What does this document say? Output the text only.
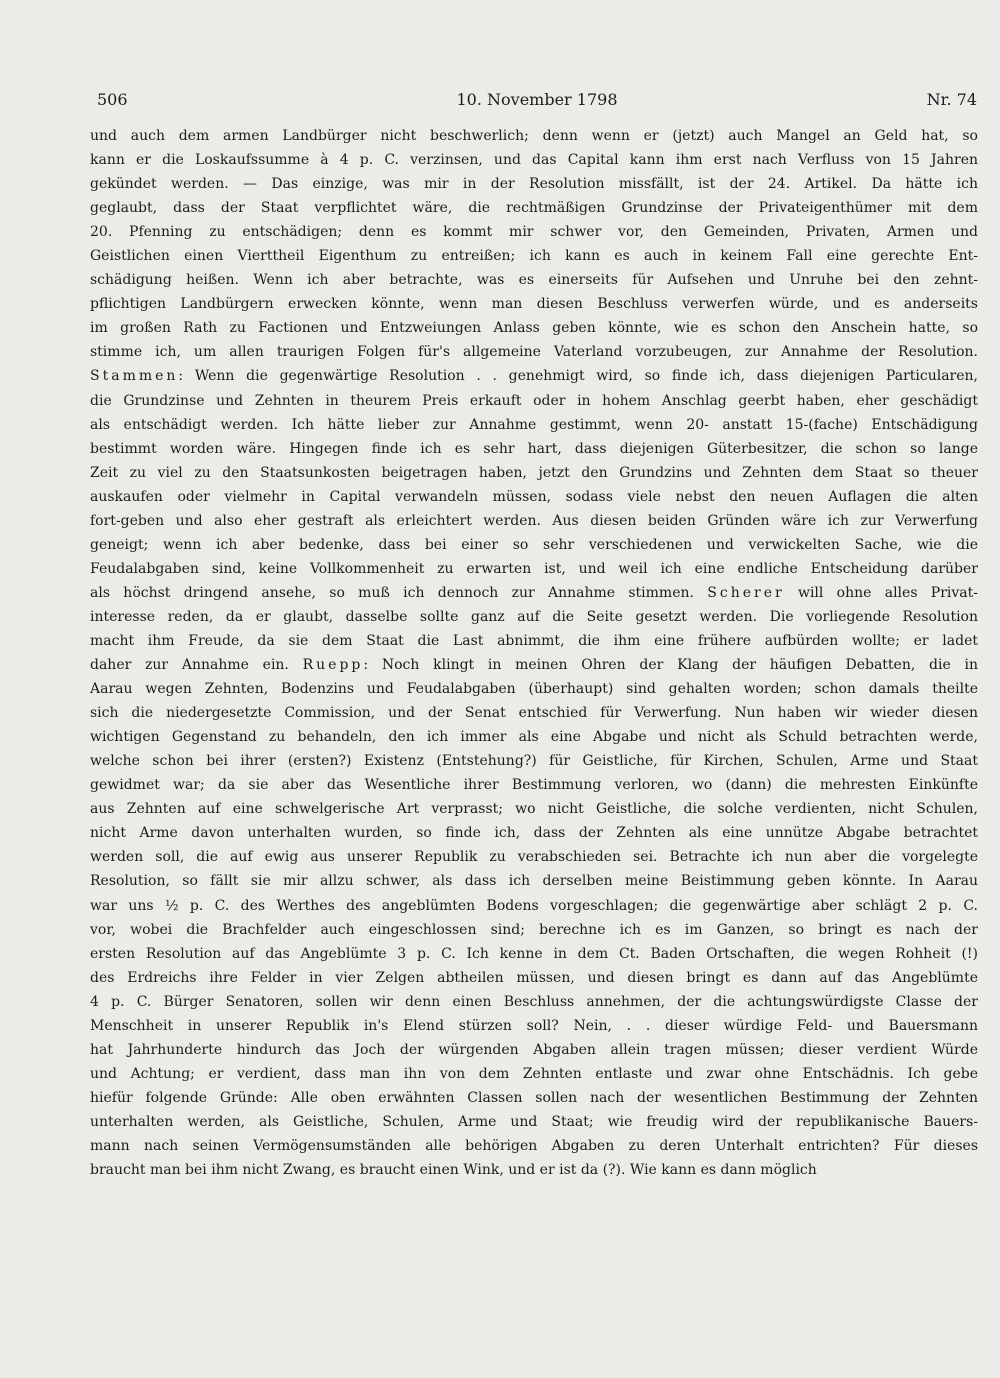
506	10. November 1798	Nr. 74
und auch dem armen Landbürger nicht beschwerlich; denn wenn er (jetzt) auch Mangel an Geld hat, so
kann er die Loskaufssumme à 4 p. C. verzinsen, und das Capital kann ihm erst nach Verfluss von 15 Jahren
gekündet werden. — Das einzige, was mir in der Resolution missfällt, ist der 24. Artikel. Da hätte ich
geglaubt, dass der Staat verpflichtet wäre, die rechtmäßigen Grundzinse der Privateigenthümer mit dem
20. Pfenning zu entschädigen; denn es kommt mir schwer vor, den Gemeinden, Privaten, Armen und
Geistlichen einen Vierttheil Eigenthum zu entreißen; ich kann es auch in keinem Fall eine gerechte Ent-
schädigung heißen. Wenn ich aber betrachte, was es einerseits für Aufsehen und Unruhe bei den zehnt-
pflichtigen Landbürgern erwecken könnte, wenn man diesen Beschluss verwerfen würde, und es anderseits
im großen Rath zu Factionen und Entzweiungen Anlass geben könnte, wie es schon den Anschein hatte, so
stimme ich, um allen traurigen Folgen für's allgemeine Vaterland vorzubeugen, zur Annahme der Resolution.
Stammen: Wenn die gegenwärtige Resolution . . genehmigt wird, so finde ich, dass diejenigen Particularen,
die Grundzinse und Zehnten in theurem Preis erkauft oder in hohem Anschlag geerbt haben, eher geschädigt
als entschädigt werden. Ich hätte lieber zur Annahme gestimmt, wenn 20- anstatt 15-(fache) Entschädigung
bestimmt worden wäre. Hingegen finde ich es sehr hart, dass diejenigen Güterbesitzer, die schon so lange
Zeit zu viel zu den Staatsunkosten beigetragen haben, jetzt den Grundzins und Zehnten dem Staat so theuer
auskaufen oder vielmehr in Capital verwandeln müssen, sodass viele nebst den neuen Auflagen die alten
fort-geben und also eher gestraft als erleichtert werden. Aus diesen beiden Gründen wäre ich zur Verwerfung
geneigt; wenn ich aber bedenke, dass bei einer so sehr verschiedenen und verwickelten Sache, wie die
Feudalabgaben sind, keine Vollkommenheit zu erwarten ist, und weil ich eine endliche Entscheidung darüber
als höchst dringend ansehe, so muß ich dennoch zur Annahme stimmen. Scherer will ohne alles Privat-
interesse reden, da er glaubt, dasselbe sollte ganz auf die Seite gesetzt werden. Die vorliegende Resolution
macht ihm Freude, da sie dem Staat die Last abnimmt, die ihm eine frühere aufbürden wollte; er ladet
daher zur Annahme ein. Ruepp: Noch klingt in meinen Ohren der Klang der häufigen Debatten, die in
Aarau wegen Zehnten, Bodenzins und Feudalabgaben (überhaupt) sind gehalten worden; schon damals theilte
sich die niedergesetzte Commission, und der Senat entschied für Verwerfung. Nun haben wir wieder diesen
wichtigen Gegenstand zu behandeln, den ich immer als eine Abgabe und nicht als Schuld betrachten werde,
welche schon bei ihrer (ersten?) Existenz (Entstehung?) für Geistliche, für Kirchen, Schulen, Arme und Staat
gewidmet war; da sie aber das Wesentliche ihrer Bestimmung verloren, wo (dann) die mehresten Einkünfte
aus Zehnten auf eine schwelgerische Art verprasst; wo nicht Geistliche, die solche verdienten, nicht Schulen,
nicht Arme davon unterhalten wurden, so finde ich, dass der Zehnten als eine unnütze Abgabe betrachtet
werden soll, die auf ewig aus unserer Republik zu verabschieden sei. Betrachte ich nun aber die vorgelegte
Resolution, so fällt sie mir allzu schwer, als dass ich derselben meine Beistimmung geben könnte. In Aarau
war uns ½ p. C. des Werthes des angeblümten Bodens vorgeschlagen; die gegenwärtige aber schlägt 2 p. C.
vor, wobei die Brachfelder auch eingeschlossen sind; berechne ich es im Ganzen, so bringt es nach der
ersten Resolution auf das Angeblümte 3 p. C. Ich kenne in dem Ct. Baden Ortschaften, die wegen Rohheit (!)
des Erdreichs ihre Felder in vier Zelgen abtheilen müssen, und diesen bringt es dann auf das Angeblümte
4 p. C. Bürger Senatoren, sollen wir denn einen Beschluss annehmen, der die achtungswürdigste Classe der
Menschheit in unserer Republik in's Elend stürzen soll? Nein, . . dieser würdige Feld- und Bauersmann
hat Jahrhunderte hindurch das Joch der würgenden Abgaben allein tragen müssen; dieser verdient Würde
und Achtung; er verdient, dass man ihn von dem Zehnten entlaste und zwar ohne Entschädnis. Ich gebe
hiefür folgende Gründe: Alle oben erwähnten Classen sollen nach der wesentlichen Bestimmung der Zehnten
unterhalten werden, als Geistliche, Schulen, Arme und Staat; wie freudig wird der republikanische Bauers-
mann nach seinen Vermögensumständen alle behörigen Abgaben zu deren Unterhalt entrichten? Für dieses
braucht man bei ihm nicht Zwang, es braucht einen Wink, und er ist da (?). Wie kann es dann möglich
··· ·· ···
